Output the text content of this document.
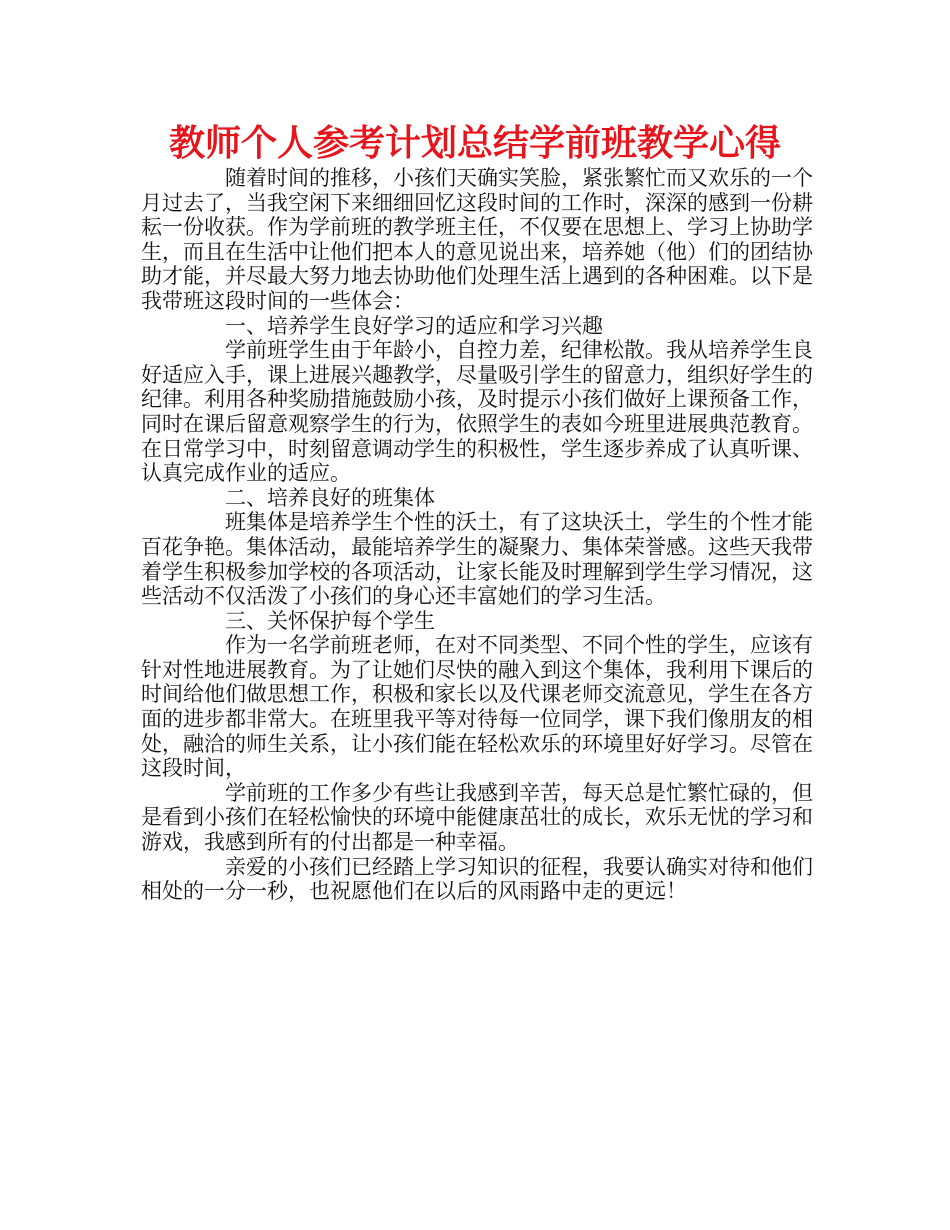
教师个人参考计划总结学前班教学心得

随着时间的推移，小孩们天确实笑脸，紧张繁忙而又欢乐的一个月过去了，当我空闲下来细细回忆这段时间的工作时，深深的感到一份耕耘一份收获。作为学前班的教学班主任，不仅要在思想上、学习上协助学生，而且在生活中让他们把本人的意见说出来，培养她（他）们的团结协助才能，并尽最大努力地去协助他们处理生活上遇到的各种困难。以下是我带班这段时间的一些体会：

一、培养学生良好学习的适应和学习兴趣

学前班学生由于年龄小，自控力差，纪律松散。我从培养学生良好适应入手，课上进展兴趣教学，尽量吸引学生的留意力，组织好学生的纪律。利用各种奖励措施鼓励小孩，及时提示小孩们做好上课预备工作，同时在课后留意观察学生的行为，依照学生的表如今班里进展典范教育。在日常学习中，时刻留意调动学生的积极性，学生逐步养成了认真听课、认真完成作业的适应。

二、培养良好的班集体

班集体是培养学生个性的沃土，有了这块沃土，学生的个性才能百花争艳。集体活动，最能培养学生的凝聚力、集体荣誉感。这些天我带着学生积极参加学校的各项活动，让家长能及时理解到学生学习情况，这些活动不仅活泼了小孩们的身心还丰富她们的学习生活。

三、关怀保护每个学生

作为一名学前班老师，在对不同类型、不同个性的学生，应该有针对性地进展教育。为了让她们尽快的融入到这个集体，我利用下课后的时间给他们做思想工作，积极和家长以及代课老师交流意见，学生在各方面的进步都非常大。在班里我平等对待每一位同学，课下我们像朋友的相处，融洽的师生关系，让小孩们能在轻松欢乐的环境里好好学习。尽管在这段时间，

学前班的工作多少有些让我感到辛苦，每天总是忙繁忙碌的，但是看到小孩们在轻松愉快的环境中能健康茁壮的成长，欢乐无忧的学习和游戏，我感到所有的付出都是一种幸福。

亲爱的小孩们已经踏上学习知识的征程，我要认确实对待和他们相处的一分一秒，也祝愿他们在以后的风雨路中走的更远！
